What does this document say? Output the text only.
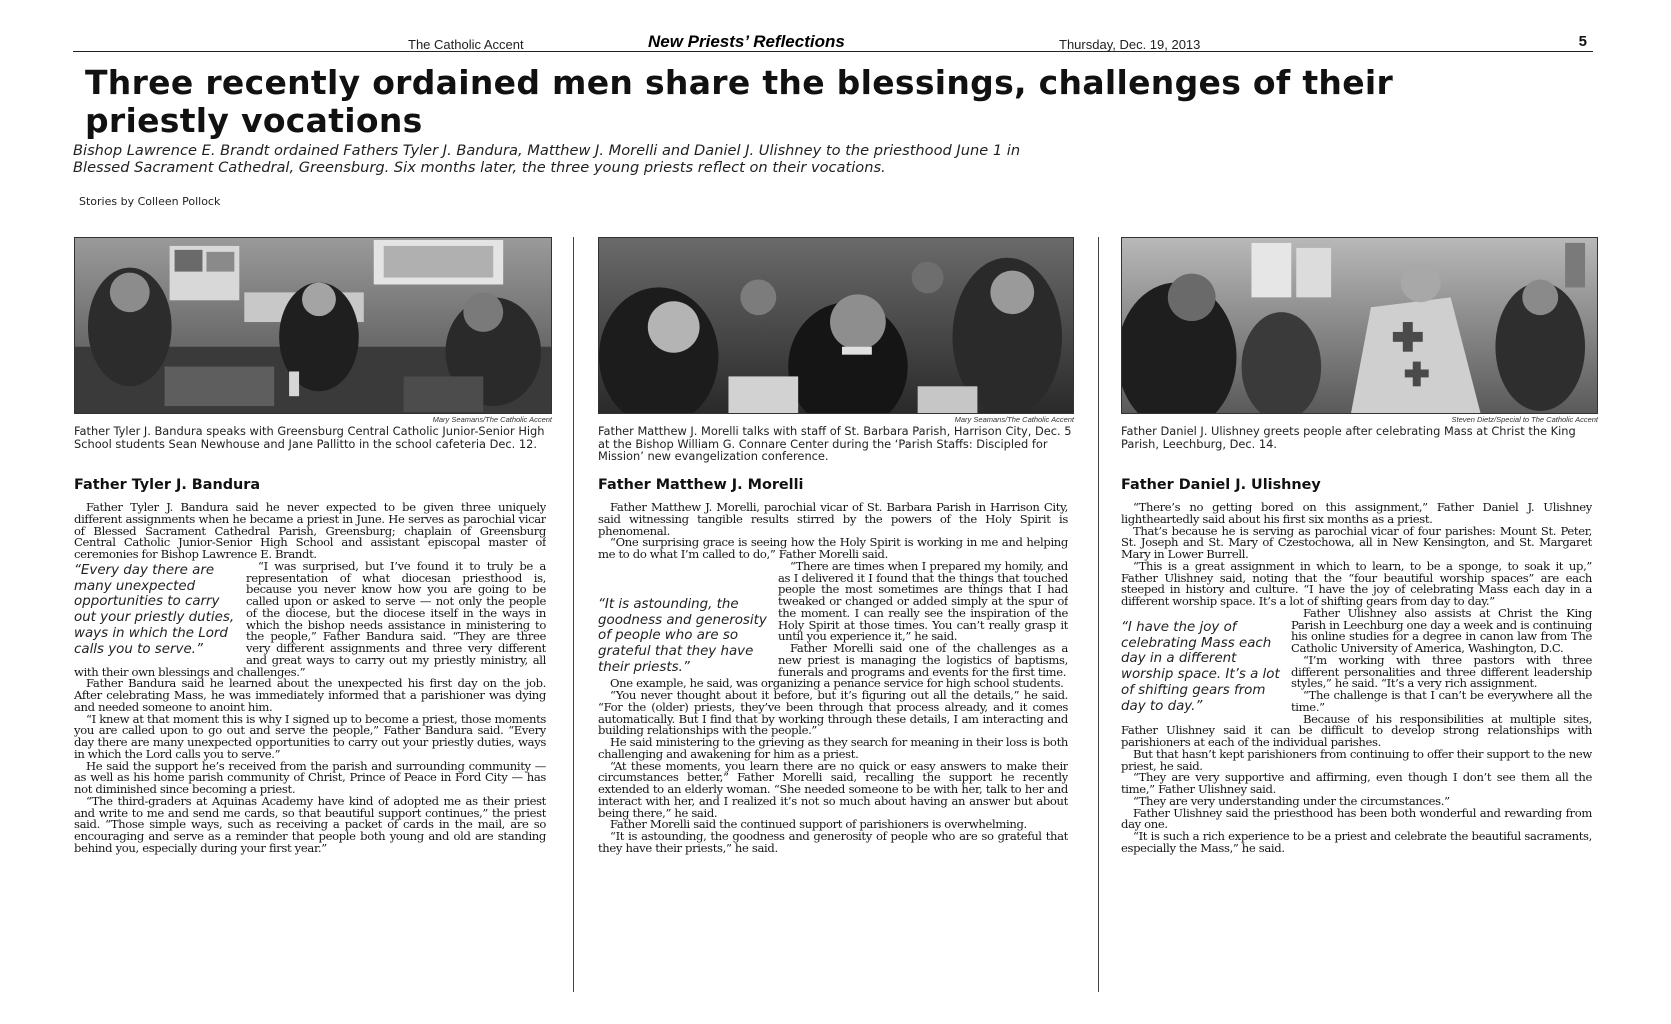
The Catholic Accent	New Priests’ Reflections	Thursday, Dec. 19, 2013	5
Three recently ordained men share the blessings, challenges of their priestly vocations
Bishop Lawrence E. Brandt ordained Fathers Tyler J. Bandura, Matthew J. Morelli and Daniel J. Ulishney to the priesthood June 1 in Blessed Sacrament Cathedral, Greensburg. Six months later, the three young priests reflect on their vocations.
Stories by Colleen Pollock
Mary Seamans/The Catholic Accent
Father Tyler J. Bandura speaks with Greensburg Central Catholic Junior-Senior High School students Sean Newhouse and Jane Pallitto in the school cafeteria Dec. 12.
Father Tyler J. Bandura

Father Tyler J. Bandura said he never expected to be given three uniquely different assignments when he became a priest in June. He serves as parochial vicar of Blessed Sacrament Cathedral Parish, Greensburg; chaplain of Greensburg Central Catholic Junior-Senior High School and assistant episcopal master of ceremonies for Bishop Lawrence E. Brandt.

“Every day there are many unexpected opportunities to carry out your priestly duties, ways in which the Lord calls you to serve.”

“I was surprised, but I’ve found it to truly be a representation of what diocesan priesthood is, because you never know how you are going to be called upon or asked to serve — not only the people of the diocese, but the diocese itself in the ways in which the bishop needs assistance in ministering to the people,” Father Bandura said. “They are three very different assignments and three very different and great ways to carry out my priestly ministry, all with their own blessings and challenges.”

Father Bandura said he learned about the unexpected his first day on the job. After celebrating Mass, he was immediately informed that a parishioner was dying and needed someone to anoint him.

“I knew at that moment this is why I signed up to become a priest, those moments you are called upon to go out and serve the people,” Father Bandura said. “Every day there are many unexpected opportunities to carry out your priestly duties, ways in which the Lord calls you to serve.”

He said the support he’s received from the parish and surrounding community — as well as his home parish community of Christ, Prince of Peace in Ford City — has not diminished since becoming a priest.

“The third-graders at Aquinas Academy have kind of adopted me as their priest and write to me and send me cards, so that beautiful support continues,” the priest said. “Those simple ways, such as receiving a packet of cards in the mail, are so encouraging and serve as a reminder that people both young and old are standing behind you, especially during your first year.”

Mary Seamans/The Catholic Accent
Father Matthew J. Morelli talks with staff of St. Barbara Parish, Harrison City, Dec. 5 at the Bishop William G. Connare Center during the ‘Parish Staffs: Discipled for Mission’ new evangelization conference.
Father Matthew J. Morelli

Father Matthew J. Morelli, parochial vicar of St. Barbara Parish in Harrison City, said witnessing tangible results stirred by the powers of the Holy Spirit is phenomenal.

“One surprising grace is seeing how the Holy Spirit is working in me and helping me to do what I’m called to do,” Father Morelli said.

“It is astounding, the goodness and generosity of people who are so grateful that they have their priests.”

“There are times when I prepared my homily, and as I delivered it I found that the things that touched people the most sometimes are things that I had tweaked or changed or added simply at the spur of the moment. I can really see the inspiration of the Holy Spirit at those times. You can’t really grasp it until you experience it,” he said.

Father Morelli said one of the challenges as a new priest is managing the logistics of baptisms, funerals and programs and events for the first time.

One example, he said, was organizing a penance service for high school students.

“You never thought about it before, but it’s figuring out all the details,” he said. “For the (older) priests, they’ve been through that process already, and it comes automatically. But I find that by working through these details, I am interacting and building relationships with the people.”

He said ministering to the grieving as they search for meaning in their loss is both challenging and awakening for him as a priest.

“At these moments, you learn there are no quick or easy answers to make their circumstances better,” Father Morelli said, recalling the support he recently extended to an elderly woman. “She needed someone to be with her, talk to her and interact with her, and I realized it’s not so much about having an answer but about being there,” he said.

Father Morelli said the continued support of parishioners is overwhelming.

“It is astounding, the goodness and generosity of people who are so grateful that they have their priests,” he said.

Steven Dietz/Special to The Catholic Accent
Father Daniel J. Ulishney greets people after celebrating Mass at Christ the King Parish, Leechburg, Dec. 14.
Father Daniel J. Ulishney

“There’s no getting bored on this assignment,” Father Daniel J. Ulishney lightheartedly said about his first six months as a priest.

That’s because he is serving as parochial vicar of four parishes: Mount St. Peter, St. Joseph and St. Mary of Czestochowa, all in New Kensington, and St. Margaret Mary in Lower Burrell.

“This is a great assignment in which to learn, to be a sponge, to soak it up,” Father Ulishney said, noting that the “four beautiful worship spaces” are each steeped in history and culture. “I have the joy of celebrating Mass each day in a different worship space. It’s a lot of shifting gears from day to day.”

“I have the joy of celebrating Mass each day in a different worship space. It’s a lot of shifting gears from day to day.”

Father Ulishney also assists at Christ the King Parish in Leechburg one day a week and is continuing his online studies for a degree in canon law from The Catholic University of America, Washington, D.C.

“I’m working with three pastors with three different personalities and three different leadership styles,” he said. “It’s a very rich assignment.

“The challenge is that I can’t be everywhere all the time.”

Because of his responsibilities at multiple sites, Father Ulishney said it can be difficult to develop strong relationships with parishioners at each of the individual parishes.

But that hasn’t kept parishioners from continuing to offer their support to the new priest, he said.

“They are very supportive and affirming, even though I don’t see them all the time,” Father Ulishney said.

“They are very understanding under the circumstances.”

Father Ulishney said the priesthood has been both wonderful and rewarding from day one.

“It is such a rich experience to be a priest and celebrate the beautiful sacraments, especially the Mass,” he said.
